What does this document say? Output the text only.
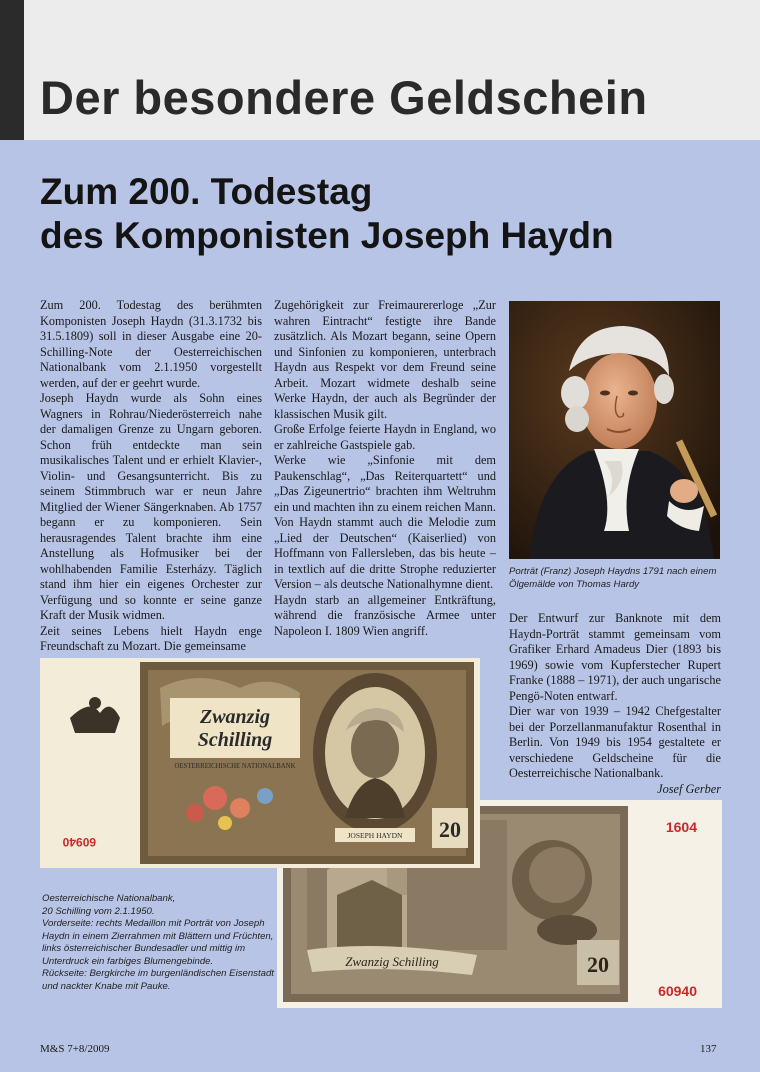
Der besondere Geldschein
Zum 200. Todestag
des Komponisten Joseph Haydn

Zum 200. Todestag des berühmten Komponisten Joseph Haydn (31.3.1732 bis 31.5.1809) soll in dieser Ausgabe eine 20-Schilling-Note der Oesterreichischen Nationalbank vom 2.1.1950 vorgestellt werden, auf der er geehrt wurde.

Joseph Haydn wurde als Sohn eines Wagners in Rohrau/Niederösterreich nahe der damaligen Grenze zu Ungarn geboren. Schon früh entdeckte man sein musikalisches Talent und er erhielt Klavier-, Violin- und Gesangsunterricht. Bis zu seinem Stimmbruch war er neun Jahre Mitglied der Wiener Sängerknaben. Ab 1757 begann er zu komponieren. Sein herausragendes Talent brachte ihm eine Anstellung als Hofmusiker bei der wohlhabenden Familie Esterházy. Täglich stand ihm hier ein eigenes Orchester zur Verfügung und so konnte er seine ganze Kraft der Musik widmen.

Zeit seines Lebens hielt Haydn enge Freundschaft zu Mozart. Die gemeinsame

Zugehörigkeit zur Freimaurererloge „Zur wahren Eintracht“ festigte ihre Bande zusätzlich. Als Mozart begann, seine Opern und Sinfonien zu komponieren, unterbrach Haydn aus Respekt vor dem Freund seine Arbeit. Mozart widmete deshalb seine Werke Haydn, der auch als Begründer der klassischen Musik gilt.

Große Erfolge feierte Haydn in England, wo er zahlreiche Gastspiele gab.

Werke wie „Sinfonie mit dem Paukenschlag“, „Das Reiterquartett“ und „Das Zigeunertrio“ brachten ihm Weltruhm ein und machten ihn zu einem reichen Mann. Von Haydn stammt auch die Melodie zum „Lied der Deutschen“ (Kaiserlied) von Hoffmann von Fallersleben, das bis heute – in textlich auf die dritte Strophe reduzierter Version – als deutsche Nationalhymne dient.

Haydn starb an allgemeiner Entkräftung, während die französische Armee unter Napoleon I. 1809 Wien angriff.

Porträt (Franz) Joseph Haydns 1791 nach einem Ölgemälde von Thomas Hardy

Der Entwurf zur Banknote mit dem Haydn-Porträt stammt gemeinsam vom Grafiker Erhard Amadeus Dier (1893 bis 1969) sowie vom Kupferstecher Rupert Franke (1888 – 1971), der auch ungarische Pengö-Noten entwarf.

Dier war von 1939 – 1942 Chefgestalter bei der Porzellanmanufaktur Rosenthal in Berlin. Von 1949 bis 1954 gestaltete er verschiedene Geldscheine für die Oesterreichische Nationalbank.
Josef Gerber

Zwanzig Schilling	20
1604
60940
Zwanzig
Schilling
OESTERREICHISCHE NATIONALBANK
JOSEPH HAYDN 20
60940
Oesterreichische Nationalbank,
20 Schilling vom 2.1.1950.
Vorderseite: rechts Medaillon mit Porträt von Joseph Haydn in einem Zierrahmen mit Blättern und Früchten, links österreichischer Bundesadler und mittig im Unterdruck ein farbiges Blumengebinde.
Rückseite: Bergkirche im burgenländischen Eisenstadt und nackter Knabe mit Pauke.
M&S 7+8/2009	137
